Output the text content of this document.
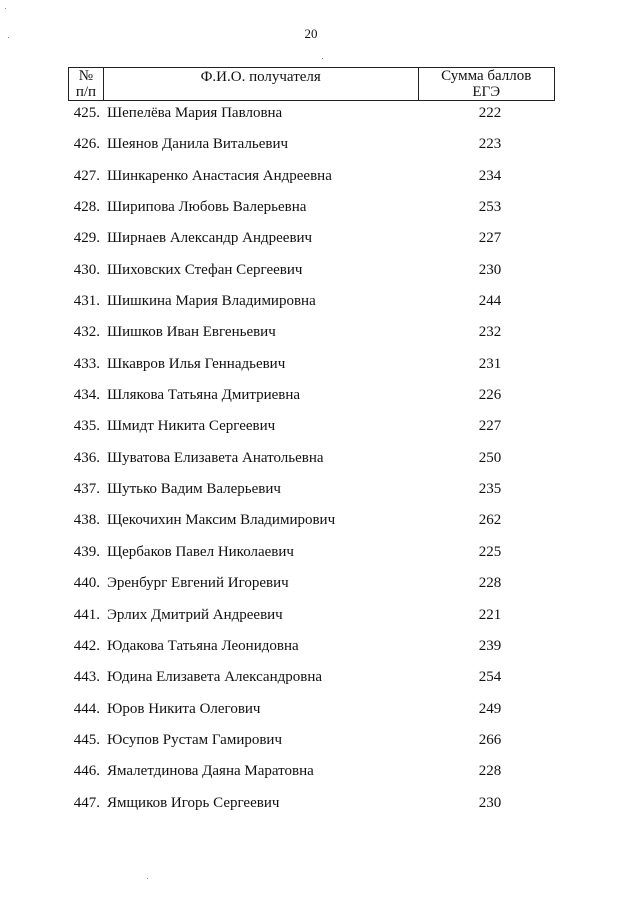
20
№
п/п
	Ф.И.О. получателя	Сумма баллов
ЕГЭ
425. Шепелёва Мария Павловна	222
426. Шеянов Данила Витальевич	223
427. Шинкаренко Анастасия Андреевна	234
428. Ширипова Любовь Валерьевна	253
429. Ширнаев Александр Андреевич	227
430. Шиховских Стефан Сергеевич	230
431. Шишкина Мария Владимировна	244
432. Шишков Иван Евгеньевич	232
433. Шкавров Илья Геннадьевич	231
434. Шлякова Татьяна Дмитриевна	226
435. Шмидт Никита Сергеевич	227
436. Шуватова Елизавета Анатольевна	250
437. Шутько Вадим Валерьевич	235
438. Щекочихин Максим Владимирович	262
439. Щербаков Павел Николаевич	225
440. Эренбург Евгений Игоревич	228
441. Эрлих Дмитрий Андреевич	221
442. Юдакова Татьяна Леонидовна	239
443. Юдина Елизавета Александровна	254
444. Юров Никита Олегович	249
445. Юсупов Рустам Гамирович	266
446. Ямалетдинова Даяна Маратовна	228
447. Ямщиков Игорь Сергеевич	230
